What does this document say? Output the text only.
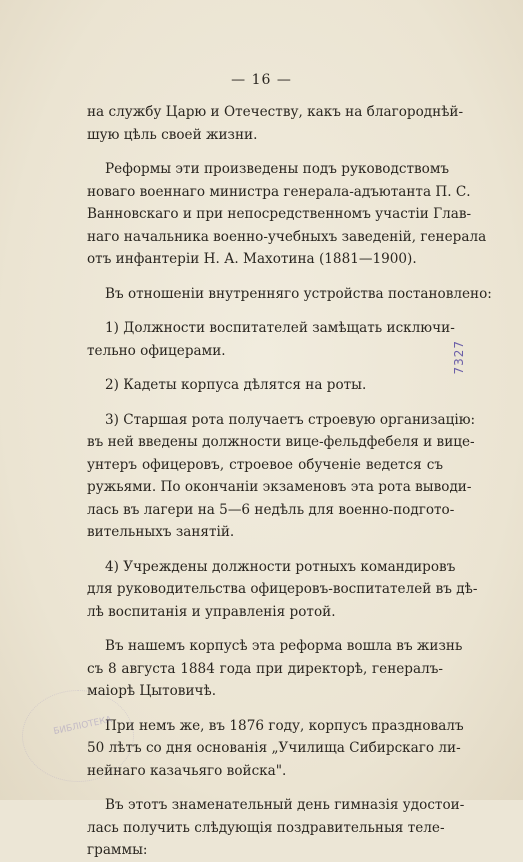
— 16 —
на службу Царю и Отечеству, какъ на благороднѣй-
шую цѣль своей жизни.
Реформы эти произведены подъ руководствомъ
новаго военнаго министра генерала-адъютанта П. С.
Ванновскаго и при непосредственномъ участіи Глав-
наго начальника военно-учебныхъ заведеній, генерала
отъ инфантеріи Н. А. Махотина (1881—1900).
Въ отношеніи внутренняго устройства постановлено:
1) Должности воспитателей замѣщать исключи-
тельно офицерами.
2) Кадеты корпуса дѣлятся на роты.
3) Старшая рота получаетъ строевую организацію:
въ ней введены должности вице-фельдфебеля и вице-
унтеръ офицеровъ, строевое обученіе ведется съ
ружьями. По окончаніи экзаменовъ эта рота выводи-
лась въ лагери на 5—6 недѣль для военно-подгото-
вительныхъ занятій.
4) Учреждены должности ротныхъ командировъ
для руководительства офицеровъ-воспитателей въ дѣ-
лѣ воспитанія и управленія ротой.
Въ нашемъ корпусѣ эта реформа вошла въ жизнь
съ 8 августа 1884 года при директорѣ, генералъ-
маіорѣ Цытовичѣ.
При немъ же, въ 1876 году, корпусъ праздновалъ
50 лѣтъ со дня основанія „Училища Сибирскаго ли-
нейнаго казачьяго войска".
Въ этотъ знаменательный день гимназія удостои-
лась получить слѣдующія поздравительныя теле-
граммы:
7327
БИБЛІОТЕКА
